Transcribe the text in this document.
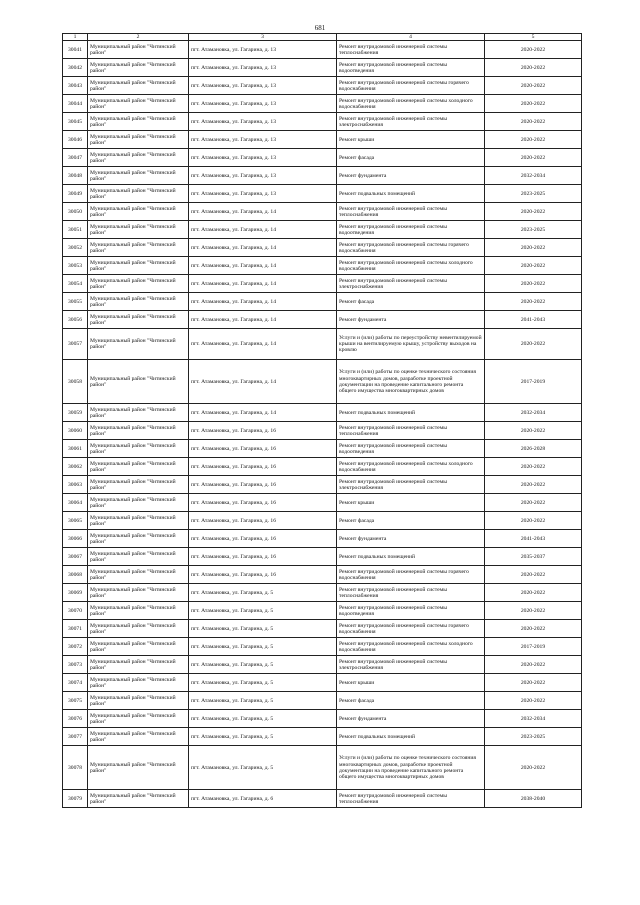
681
1	2	3	4	5
30041	Муниципальный район "Читинский район"	пгт. Атамановка, ул. Гагарина, д. 13	Ремонт внутридомовой инженерной системы теплоснабжения	2020-2022
30042	Муниципальный район "Читинский район"	пгт. Атамановка, ул. Гагарина, д. 13	Ремонт внутридомовой инженерной системы водоотведения	2020-2022
30043	Муниципальный район "Читинский район"	пгт. Атамановка, ул. Гагарина, д. 13	Ремонт внутридомовой инженерной системы горячего водоснабжения	2020-2022
30044	Муниципальный район "Читинский район"	пгт. Атамановка, ул. Гагарина, д. 13	Ремонт внутридомовой инженерной системы холодного водоснабжения	2020-2022
30045	Муниципальный район "Читинский район"	пгт. Атамановка, ул. Гагарина, д. 13	Ремонт внутридомовой инженерной системы электроснабжения	2020-2022
30046	Муниципальный район "Читинский район"	пгт. Атамановка, ул. Гагарина, д. 13	Ремонт крыши	2020-2022
30047	Муниципальный район "Читинский район"	пгт. Атамановка, ул. Гагарина, д. 13	Ремонт фасада	2020-2022
30048	Муниципальный район "Читинский район"	пгт. Атамановка, ул. Гагарина, д. 13	Ремонт фундамента	2032-2034
30049	Муниципальный район "Читинский район"	пгт. Атамановка, ул. Гагарина, д. 13	Ремонт подвальных помещений	2023-2025
30050	Муниципальный район "Читинский район"	пгт. Атамановка, ул. Гагарина, д. 14	Ремонт внутридомовой инженерной системы теплоснабжения	2020-2022
30051	Муниципальный район "Читинский район"	пгт. Атамановка, ул. Гагарина, д. 14	Ремонт внутридомовой инженерной системы водоотведения	2023-2025
30052	Муниципальный район "Читинский район"	пгт. Атамановка, ул. Гагарина, д. 14	Ремонт внутридомовой инженерной системы горячего водоснабжения	2020-2022
30053	Муниципальный район "Читинский район"	пгт. Атамановка, ул. Гагарина, д. 14	Ремонт внутридомовой инженерной системы холодного водоснабжения	2020-2022
30054	Муниципальный район "Читинский район"	пгт. Атамановка, ул. Гагарина, д. 14	Ремонт внутридомовой инженерной системы электроснабжения	2020-2022
30055	Муниципальный район "Читинский район"	пгт. Атамановка, ул. Гагарина, д. 14	Ремонт фасада	2020-2022
30056	Муниципальный район "Читинский район"	пгт. Атамановка, ул. Гагарина, д. 14	Ремонт фундамента	2041-2043
30057	Муниципальный район "Читинский район"	пгт. Атамановка, ул. Гагарина, д. 14	Услуги и (или) работы по переустройству невентилируемой крыши на вентилируемую крышу, устройству выходов на кровлю	2020-2022
30058	Муниципальный район "Читинский район"	пгт. Атамановка, ул. Гагарина, д. 14	Услуги и (или) работы по оценке технического состояния многоквартирных домов, разработке проектной документации на проведение капитального ремонта общего имущества многоквартирных домов	2017-2019
30059	Муниципальный район "Читинский район"	пгт. Атамановка, ул. Гагарина, д. 14	Ремонт подвальных помещений	2032-2034
30060	Муниципальный район "Читинский район"	пгт. Атамановка, ул. Гагарина, д. 16	Ремонт внутридомовой инженерной системы теплоснабжения	2020-2022
30061	Муниципальный район "Читинский район"	пгт. Атамановка, ул. Гагарина, д. 16	Ремонт внутридомовой инженерной системы водоотведения	2026-2028
30062	Муниципальный район "Читинский район"	пгт. Атамановка, ул. Гагарина, д. 16	Ремонт внутридомовой инженерной системы холодного водоснабжения	2020-2022
30063	Муниципальный район "Читинский район"	пгт. Атамановка, ул. Гагарина, д. 16	Ремонт внутридомовой инженерной системы электроснабжения	2020-2022
30064	Муниципальный район "Читинский район"	пгт. Атамановка, ул. Гагарина, д. 16	Ремонт крыши	2020-2022
30065	Муниципальный район "Читинский район"	пгт. Атамановка, ул. Гагарина, д. 16	Ремонт фасада	2020-2022
30066	Муниципальный район "Читинский район"	пгт. Атамановка, ул. Гагарина, д. 16	Ремонт фундамента	2041-2043
30067	Муниципальный район "Читинский район"	пгт. Атамановка, ул. Гагарина, д. 16	Ремонт подвальных помещений	2035-2037
30068	Муниципальный район "Читинский район"	пгт. Атамановка, ул. Гагарина, д. 16	Ремонт внутридомовой инженерной системы горячего водоснабжения	2020-2022
30069	Муниципальный район "Читинский район"	пгт. Атамановка, ул. Гагарина, д. 5	Ремонт внутридомовой инженерной системы теплоснабжения	2020-2022
30070	Муниципальный район "Читинский район"	пгт. Атамановка, ул. Гагарина, д. 5	Ремонт внутридомовой инженерной системы водоотведения	2020-2022
30071	Муниципальный район "Читинский район"	пгт. Атамановка, ул. Гагарина, д. 5	Ремонт внутридомовой инженерной системы горячего водоснабжения	2020-2022
30072	Муниципальный район "Читинский район"	пгт. Атамановка, ул. Гагарина, д. 5	Ремонт внутридомовой инженерной системы холодного водоснабжения	2017-2019
30073	Муниципальный район "Читинский район"	пгт. Атамановка, ул. Гагарина, д. 5	Ремонт внутридомовой инженерной системы электроснабжения	2020-2022
30074	Муниципальный район "Читинский район"	пгт. Атамановка, ул. Гагарина, д. 5	Ремонт крыши	2020-2022
30075	Муниципальный район "Читинский район"	пгт. Атамановка, ул. Гагарина, д. 5	Ремонт фасада	2020-2022
30076	Муниципальный район "Читинский район"	пгт. Атамановка, ул. Гагарина, д. 5	Ремонт фундамента	2032-2034
30077	Муниципальный район "Читинский район"	пгт. Атамановка, ул. Гагарина, д. 5	Ремонт подвальных помещений	2023-2025
30078	Муниципальный район "Читинский район"	пгт. Атамановка, ул. Гагарина, д. 5	Услуги и (или) работы по оценке технического состояния многоквартирных домов, разработке проектной документации на проведение капитального ремонта общего имущества многоквартирных домов	2020-2022
30079	Муниципальный район "Читинский район"	пгт. Атамановка, ул. Гагарина, д. 6	Ремонт внутридомовой инженерной системы теплоснабжения	2038-2040
